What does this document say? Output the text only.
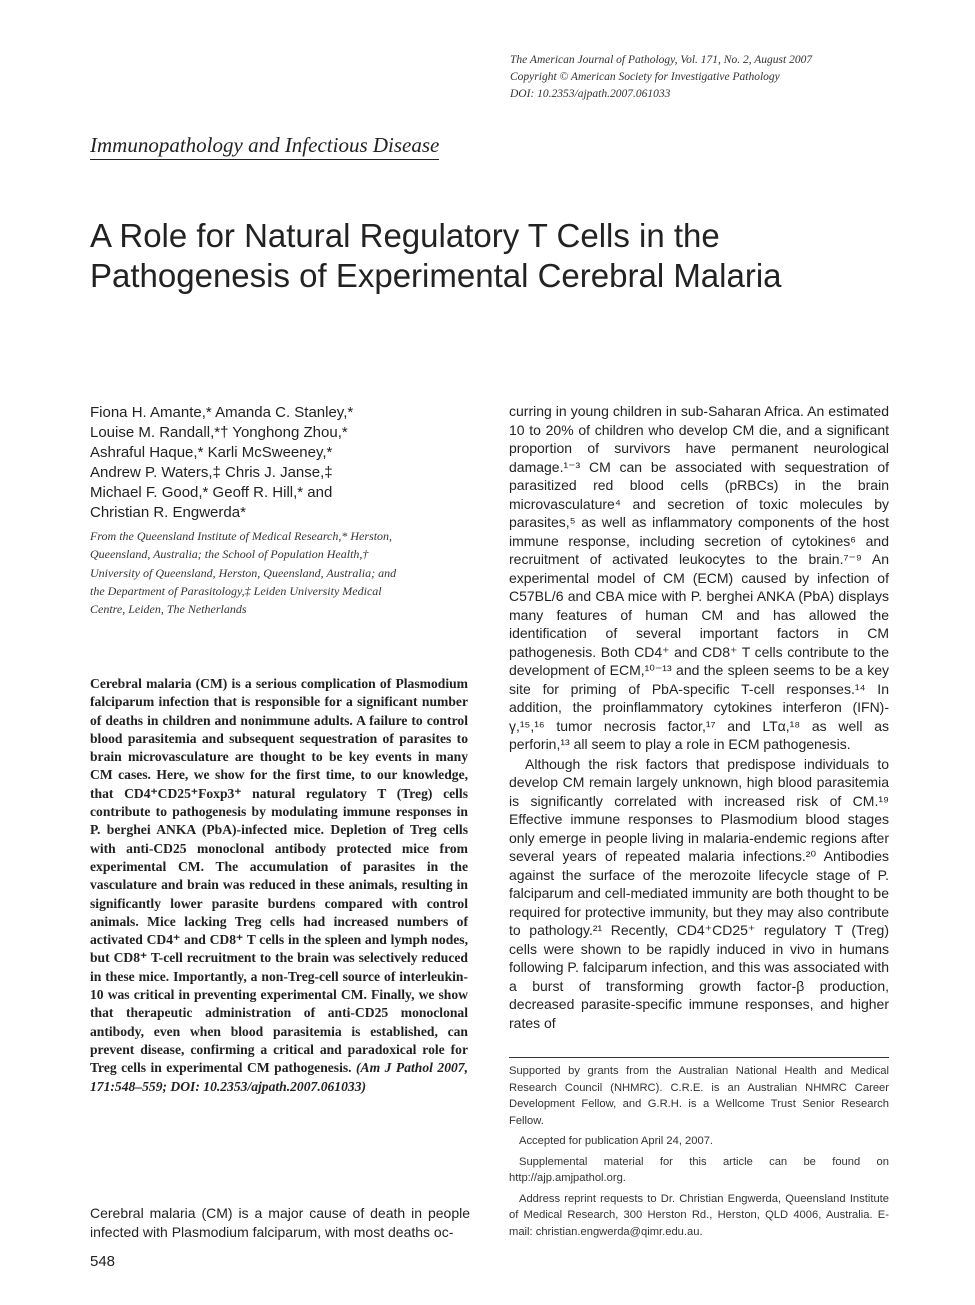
The American Journal of Pathology, Vol. 171, No. 2, August 2007
Copyright © American Society for Investigative Pathology
DOI: 10.2353/ajpath.2007.061033
Immunopathology and Infectious Disease
A Role for Natural Regulatory T Cells in the
Pathogenesis of Experimental Cerebral Malaria
Fiona H. Amante,* Amanda C. Stanley,*
Louise M. Randall,*† Yonghong Zhou,*
Ashraful Haque,* Karli McSweeney,*
Andrew P. Waters,‡ Chris J. Janse,‡
Michael F. Good,* Geoff R. Hill,* and
Christian R. Engwerda*
From the Queensland Institute of Medical Research,* Herston,
Queensland, Australia; the School of Population Health,†
University of Queensland, Herston, Queensland, Australia; and
the Department of Parasitology,‡ Leiden University Medical
Centre, Leiden, The Netherlands

Cerebral malaria (CM) is a serious complication of Plasmodium falciparum infection that is responsible for a significant number of deaths in children and nonimmune adults. A failure to control blood parasitemia and subsequent sequestration of parasites to brain microvasculature are thought to be key events in many CM cases. Here, we show for the first time, to our knowledge, that CD4⁺CD25⁺Foxp3⁺ natural regulatory T (Treg) cells contribute to pathogenesis by modulating immune responses in P. berghei ANKA (PbA)-infected mice. Depletion of Treg cells with anti-CD25 monoclonal antibody protected mice from experimental CM. The accumulation of parasites in the vasculature and brain was reduced in these animals, resulting in significantly lower parasite burdens compared with control animals. Mice lacking Treg cells had increased numbers of activated CD4⁺ and CD8⁺ T cells in the spleen and lymph nodes, but CD8⁺ T-cell recruitment to the brain was selectively reduced in these mice. Importantly, a non-Treg-cell source of interleukin-10 was critical in preventing experimental CM. Finally, we show that therapeutic administration of anti-CD25 monoclonal antibody, even when blood parasitemia is established, can prevent disease, confirming a critical and paradoxical role for Treg cells in experimental CM pathogenesis. (Am J Pathol 2007, 171:548–559; DOI: 10.2353/ajpath.2007.061033)

Cerebral malaria (CM) is a major cause of death in people infected with Plasmodium falciparum, with most deaths oc-

curring in young children in sub-Saharan Africa. An estimated 10 to 20% of children who develop CM die, and a significant proportion of survivors have permanent neurological damage.¹⁻³ CM can be associated with sequestration of parasitized red blood cells (pRBCs) in the brain microvasculature⁴ and secretion of toxic molecules by parasites,⁵ as well as inflammatory components of the host immune response, including secretion of cytokines⁶ and recruitment of activated leukocytes to the brain.⁷⁻⁹ An experimental model of CM (ECM) caused by infection of C57BL/6 and CBA mice with P. berghei ANKA (PbA) displays many features of human CM and has allowed the identification of several important factors in CM pathogenesis. Both CD4⁺ and CD8⁺ T cells contribute to the development of ECM,¹⁰⁻¹³ and the spleen seems to be a key site for priming of PbA-specific T-cell responses.¹⁴ In addition, the proinflammatory cytokines interferon (IFN)-γ,¹⁵,¹⁶ tumor necrosis factor,¹⁷ and LTα,¹⁸ as well as perforin,¹³ all seem to play a role in ECM pathogenesis.

Although the risk factors that predispose individuals to develop CM remain largely unknown, high blood parasitemia is significantly correlated with increased risk of CM.¹⁹ Effective immune responses to Plasmodium blood stages only emerge in people living in malaria-endemic regions after several years of repeated malaria infections.²⁰ Antibodies against the surface of the merozoite lifecycle stage of P. falciparum and cell-mediated immunity are both thought to be required for protective immunity, but they may also contribute to pathology.²¹ Recently, CD4⁺CD25⁺ regulatory T (Treg) cells were shown to be rapidly induced in vivo in humans following P. falciparum infection, and this was associated with a burst of transforming growth factor-β production, decreased parasite-specific immune responses, and higher rates of

Supported by grants from the Australian National Health and Medical Research Council (NHMRC). C.R.E. is an Australian NHMRC Career Development Fellow, and G.R.H. is a Wellcome Trust Senior Research Fellow.

Accepted for publication April 24, 2007.

Supplemental material for this article can be found on http://ajp.amjpathol.org.

Address reprint requests to Dr. Christian Engwerda, Queensland Institute of Medical Research, 300 Herston Rd., Herston, QLD 4006, Australia. E-mail: christian.engwerda@qimr.edu.au.

548
